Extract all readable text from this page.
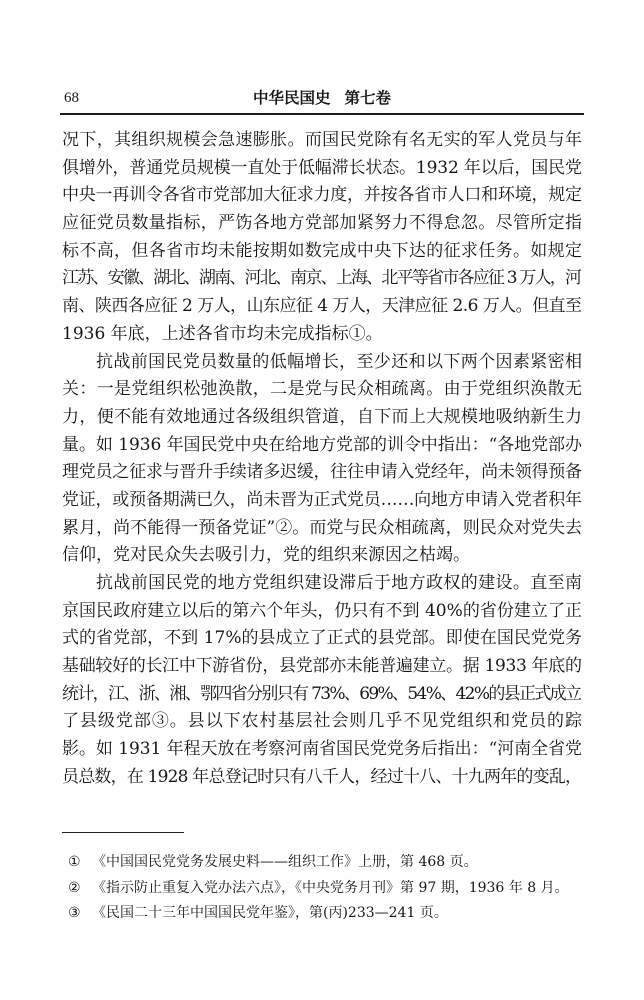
68	中华民国史 第七卷
况下，其组织规模会急速膨胀。而国民党除有名无实的军人党员与年
俱增外，普通党员规模一直处于低幅滞长状态。1932 年以后，国民党
中央一再训令各省市党部加大征求力度，并按各省市人口和环境，规定
应征党员数量指标，严饬各地方党部加紧努力不得怠忽。尽管所定指
标不高，但各省市均未能按期如数完成中央下达的征求任务。如规定
江苏、安徽、湖北、湖南、河北、南京、上海、北平等省市各应征 3 万人，河
南、陕西各应征 2 万人，山东应征 4 万人，天津应征 2.6 万人。但直至
1936 年底，上述各省市均未完成指标①。
抗战前国民党员数量的低幅增长，至少还和以下两个因素紧密相
关：一是党组织松弛涣散，二是党与民众相疏离。由于党组织涣散无
力，便不能有效地通过各级组织管道，自下而上大规模地吸纳新生力
量。如 1936 年国民党中央在给地方党部的训令中指出：“各地党部办
理党员之征求与晋升手续诸多迟缓，往往申请入党经年，尚未领得预备
党证，或预备期满已久，尚未晋为正式党员……向地方申请入党者积年
累月，尚不能得一预备党证”②。而党与民众相疏离，则民众对党失去
信仰，党对民众失去吸引力，党的组织来源因之枯竭。
抗战前国民党的地方党组织建设滞后于地方政权的建设。直至南
京国民政府建立以后的第六个年头，仍只有不到 40%的省份建立了正
式的省党部，不到 17%的县成立了正式的县党部。即使在国民党党务
基础较好的长江中下游省份，县党部亦未能普遍建立。据 1933 年底的
统计，江、浙、湘、鄂四省分别只有 73%、69%、54%、42%的县正式成立
了县级党部③。县以下农村基层社会则几乎不见党组织和党员的踪
影。如 1931 年程天放在考察河南省国民党党务后指出：“河南全省党
员总数，在 1928 年总登记时只有八千人，经过十八、十九两年的变乱，
① 《中国国民党党务发展史料——组织工作》上册，第 468 页。
② 《指示防止重复入党办法六点》，《中央党务月刊》第 97 期，1936 年 8 月。
③ 《民国二十三年中国国民党年鉴》，第(丙)233—241 页。
